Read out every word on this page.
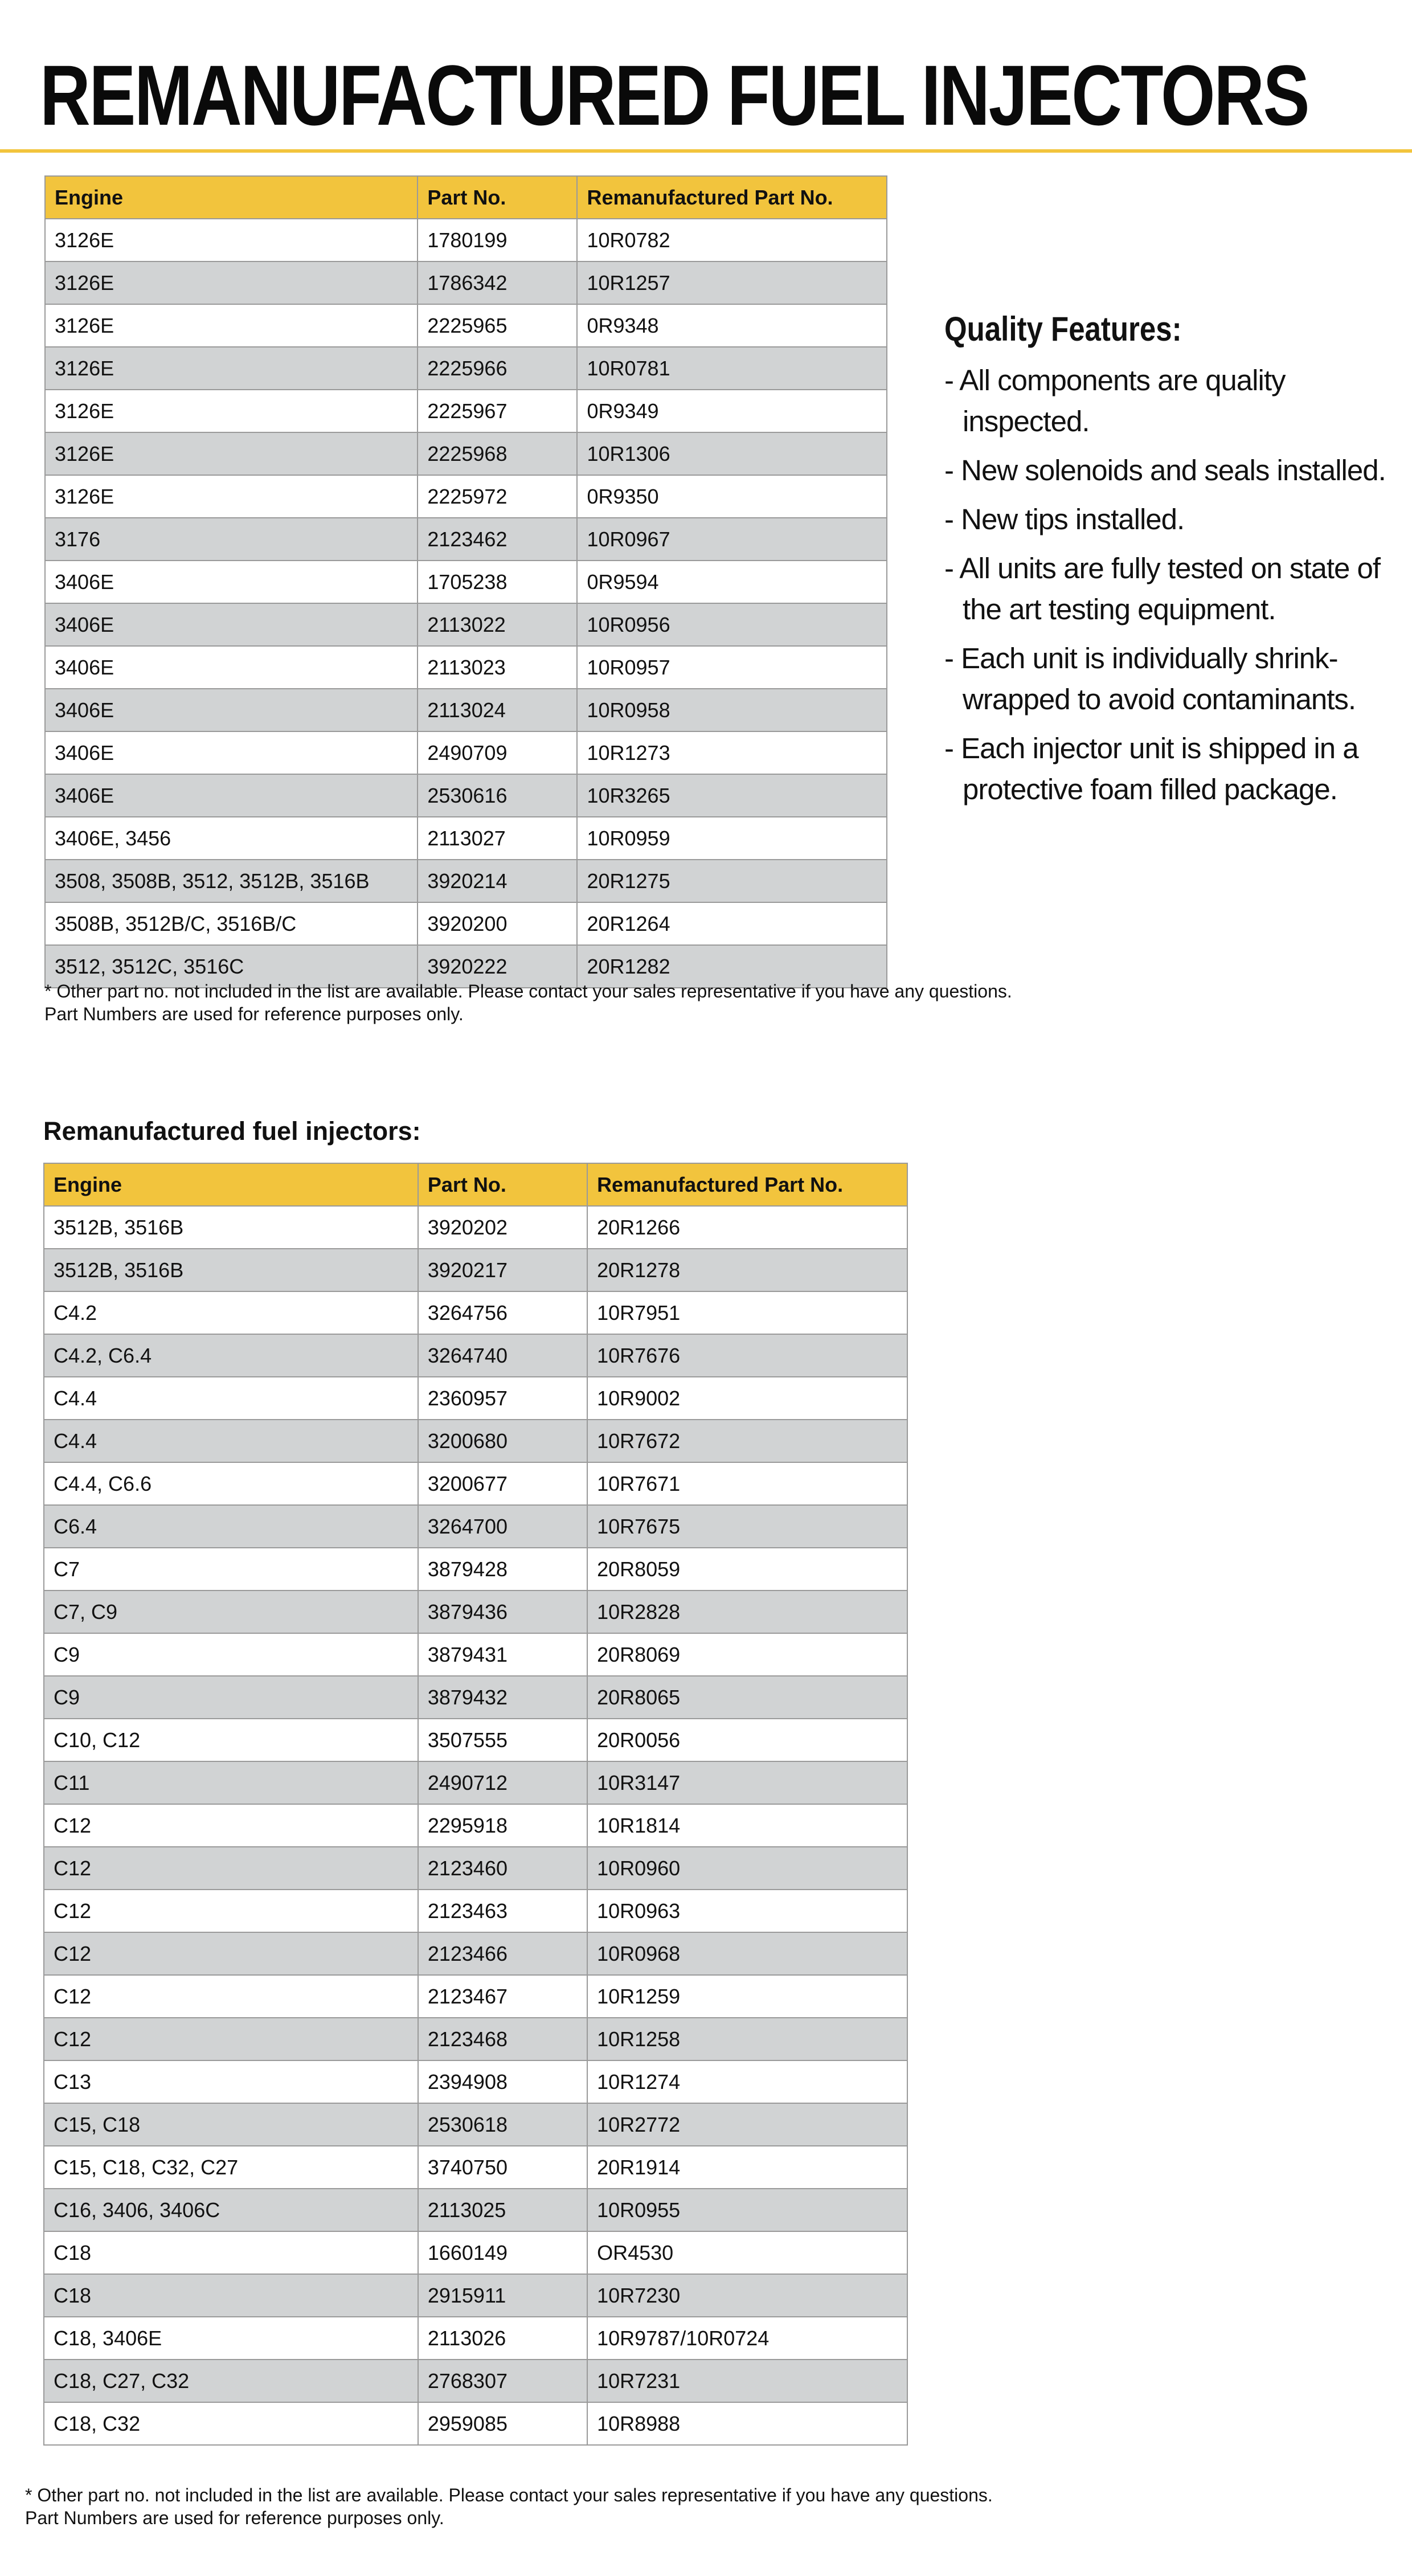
REMANUFACTURED FUEL INJECTORS
Engine	Part No.	Remanufactured Part No.
3126E	1780199	10R0782
3126E	1786342	10R1257
3126E	2225965	0R9348
3126E	2225966	10R0781
3126E	2225967	0R9349
3126E	2225968	10R1306
3126E	2225972	0R9350
3176	2123462	10R0967
3406E	1705238	0R9594
3406E	2113022	10R0956
3406E	2113023	10R0957
3406E	2113024	10R0958
3406E	2490709	10R1273
3406E	2530616	10R3265
3406E, 3456	2113027	10R0959
3508, 3508B, 3512, 3512B, 3516B	3920214	20R1275
3508B, 3512B/C, 3516B/C	3920200	20R1264
3512, 3512C, 3516C	3920222	20R1282
* Other part no. not included in the list are available. Please contact your sales representative if you have any questions.
Part Numbers are used for reference purposes only.
Quality Features:
- All components are quality inspected.
- New solenoids and seals installed.
- New tips installed.
- All units are fully tested on state of the art testing equipment.
- Each unit is individually shrink-wrapped to avoid contaminants.
- Each injector unit is shipped in a protective foam filled package.
Remanufactured fuel injectors:
Engine	Part No.	Remanufactured Part No.
3512B, 3516B	3920202	20R1266
3512B, 3516B	3920217	20R1278
C4.2	3264756	10R7951
C4.2, C6.4	3264740	10R7676
C4.4	2360957	10R9002
C4.4	3200680	10R7672
C4.4, C6.6	3200677	10R7671
C6.4	3264700	10R7675
C7	3879428	20R8059
C7, C9	3879436	10R2828
C9	3879431	20R8069
C9	3879432	20R8065
C10, C12	3507555	20R0056
C11	2490712	10R3147
C12	2295918	10R1814
C12	2123460	10R0960
C12	2123463	10R0963
C12	2123466	10R0968
C12	2123467	10R1259
C12	2123468	10R1258
C13	2394908	10R1274
C15, C18	2530618	10R2772
C15, C18, C32, C27	3740750	20R1914
C16, 3406, 3406C	2113025	10R0955
C18	1660149	OR4530
C18	2915911	10R7230
C18, 3406E	2113026	10R9787/10R0724
C18, C27, C32	2768307	10R7231
C18, C32	2959085	10R8988
* Other part no. not included in the list are available. Please contact your sales representative if you have any questions.
Part Numbers are used for reference purposes only.
